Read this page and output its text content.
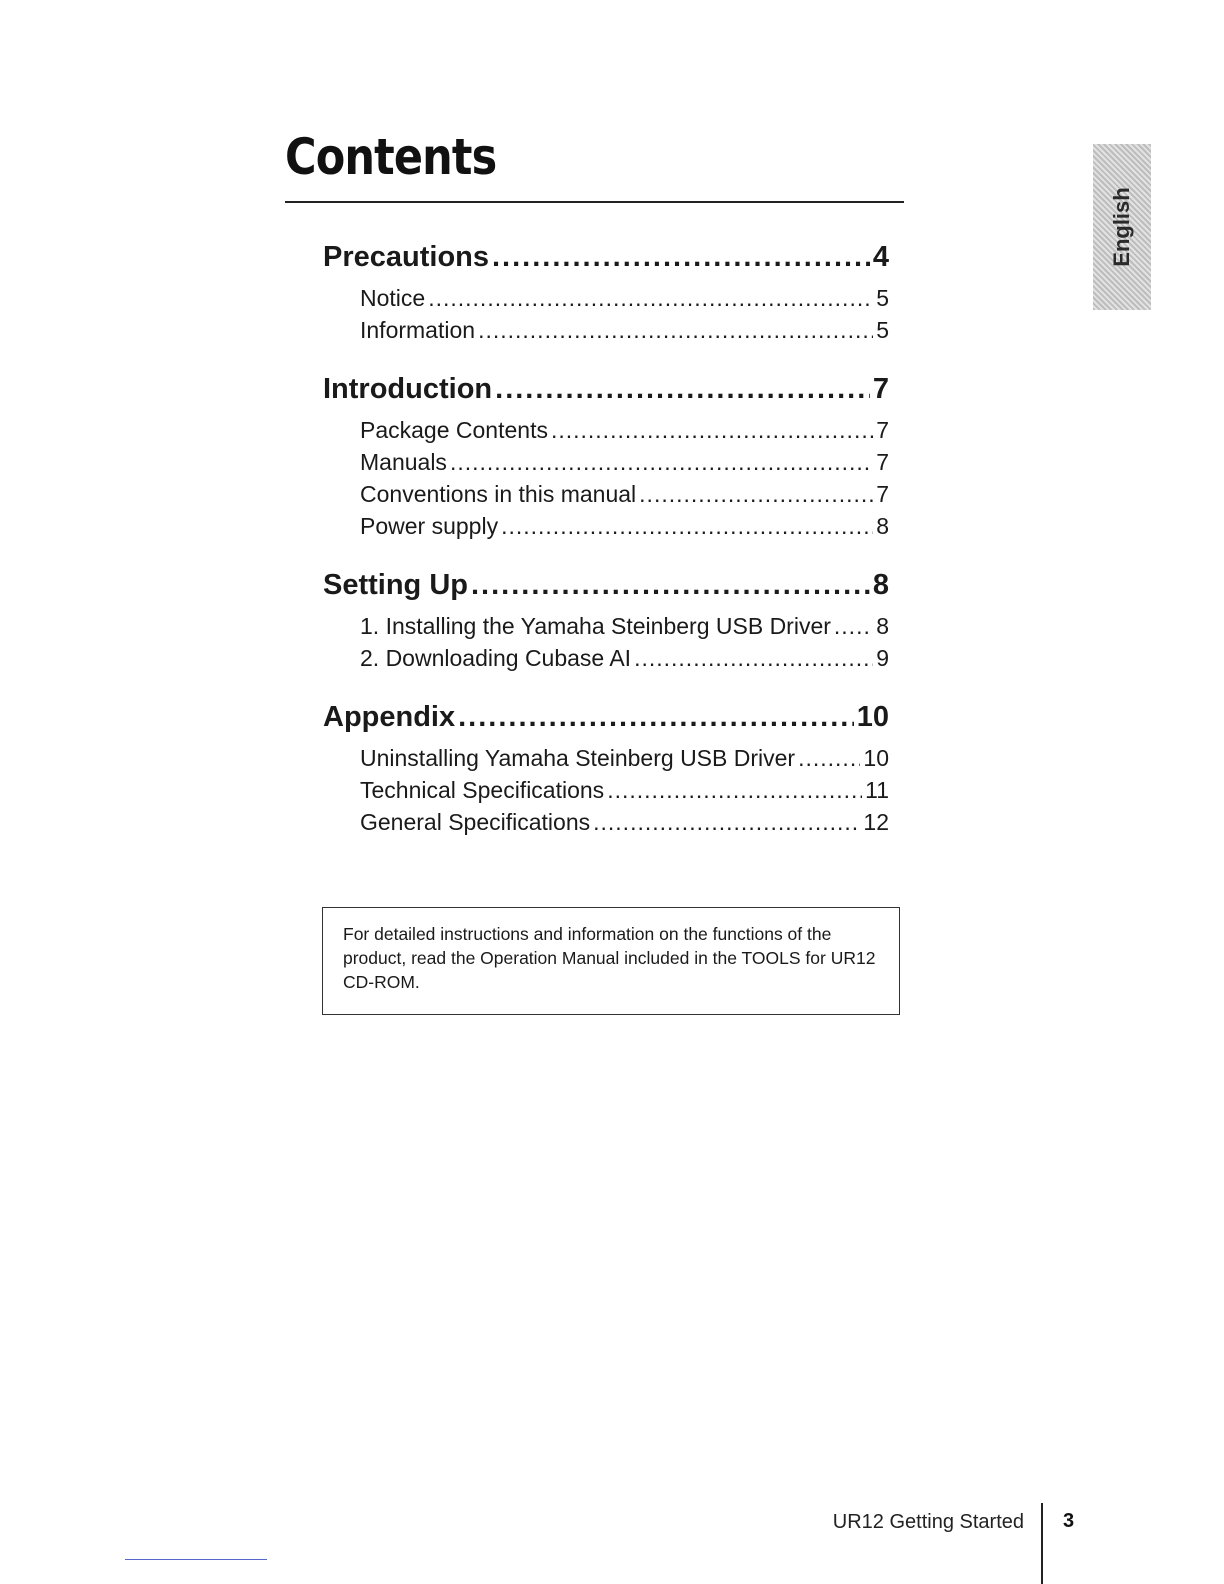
Contents
English
Precautions .....	4
Notice .....	5
Information .....	5
Introduction .....	7
Package Contents .....	7
Manuals .....	7
Conventions in this manual .....	7
Power supply .....	8
Setting Up .....	8
1. Installing the Yamaha Steinberg USB Driver ..... 8
2. Downloading Cubase AI .....	9
Appendix .....	10
Uninstalling Yamaha Steinberg USB Driver .....	10
Technical Specifications .....	11
General Specifications .....	12
For detailed instructions and information on the functions of the product, read the Operation Manual included in the TOOLS for UR12 CD-ROM.
UR12 Getting Started 3
